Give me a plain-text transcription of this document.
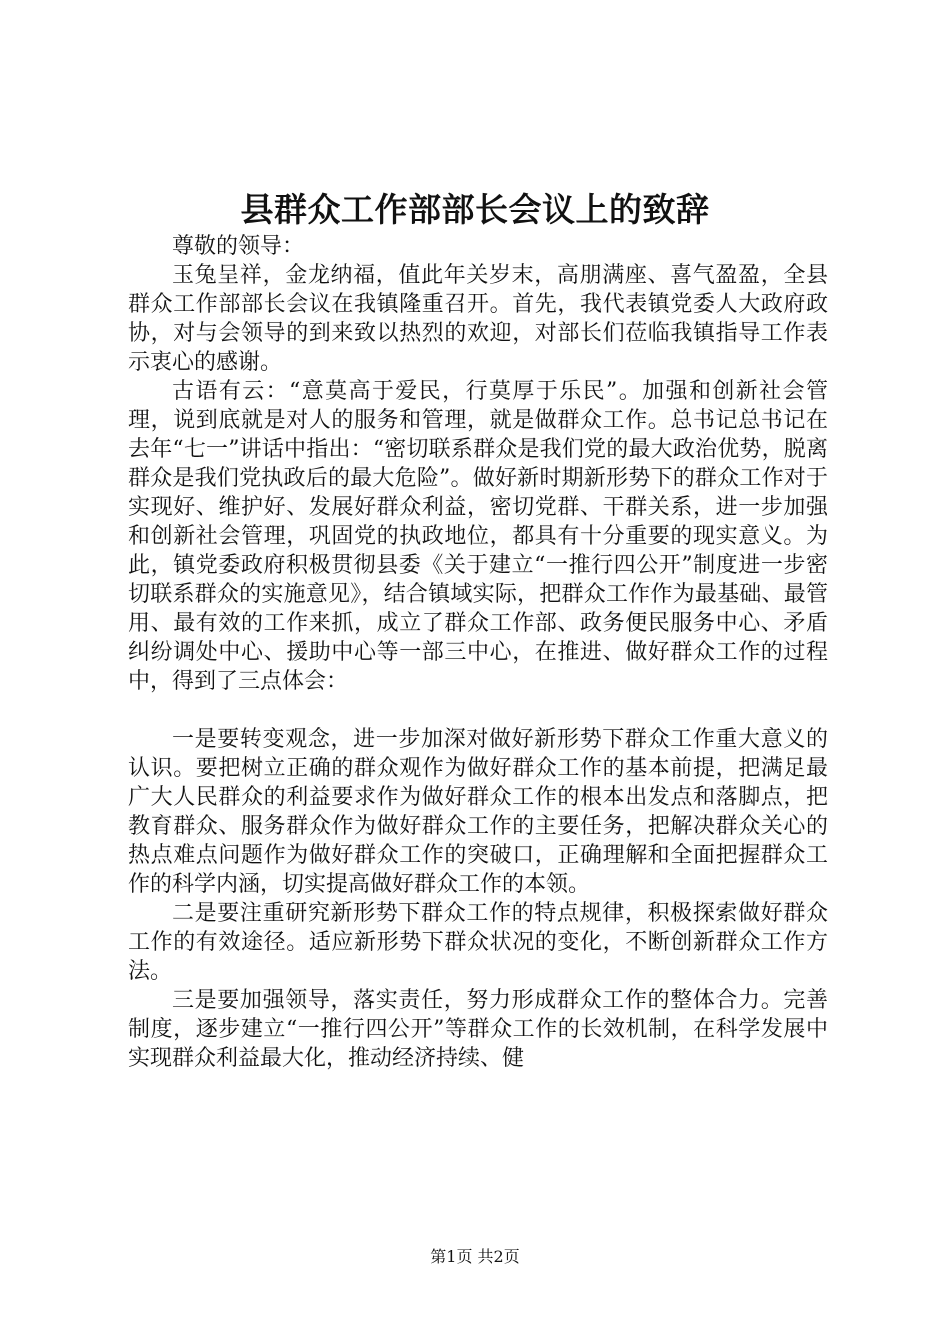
县群众工作部部长会议上的致辞

尊敬的领导：

玉兔呈祥，金龙纳福，值此年关岁末，高朋满座、喜气盈盈，全县群众工作部部长会议在我镇隆重召开。首先，我代表镇党委人大政府政协，对与会领导的到来致以热烈的欢迎，对部长们莅临我镇指导工作表示衷心的感谢。

古语有云：“意莫高于爱民，行莫厚于乐民”。加强和创新社会管理，说到底就是对人的服务和管理，就是做群众工作。总书记总书记在去年“七一”讲话中指出：“密切联系群众是我们党的最大政治优势，脱离群众是我们党执政后的最大危险”。做好新时期新形势下的群众工作对于实现好、维护好、发展好群众利益，密切党群、干群关系，进一步加强和创新社会管理，巩固党的执政地位，都具有十分重要的现实意义。为此，镇党委政府积极贯彻县委《关于建立“一推行四公开”制度进一步密切联系群众的实施意见》，结合镇域实际，把群众工作作为最基础、最管用、最有效的工作来抓，成立了群众工作部、政务便民服务中心、矛盾纠纷调处中心、援助中心等一部三中心，在推进、做好群众工作的过程中，得到了三点体会：

一是要转变观念，进一步加深对做好新形势下群众工作重大意义的认识。要把树立正确的群众观作为做好群众工作的基本前提，把满足最广大人民群众的利益要求作为做好群众工作的根本出发点和落脚点，把教育群众、服务群众作为做好群众工作的主要任务，把解决群众关心的热点难点问题作为做好群众工作的突破口，正确理解和全面把握群众工作的科学内涵，切实提高做好群众工作的本领。

二是要注重研究新形势下群众工作的特点规律，积极探索做好群众工作的有效途径。适应新形势下群众状况的变化，不断创新群众工作方法。

三是要加强领导，落实责任，努力形成群众工作的整体合力。完善制度，逐步建立“一推行四公开”等群众工作的长效机制，在科学发展中实现群众利益最大化，推动经济持续、健

第1页 共2页
